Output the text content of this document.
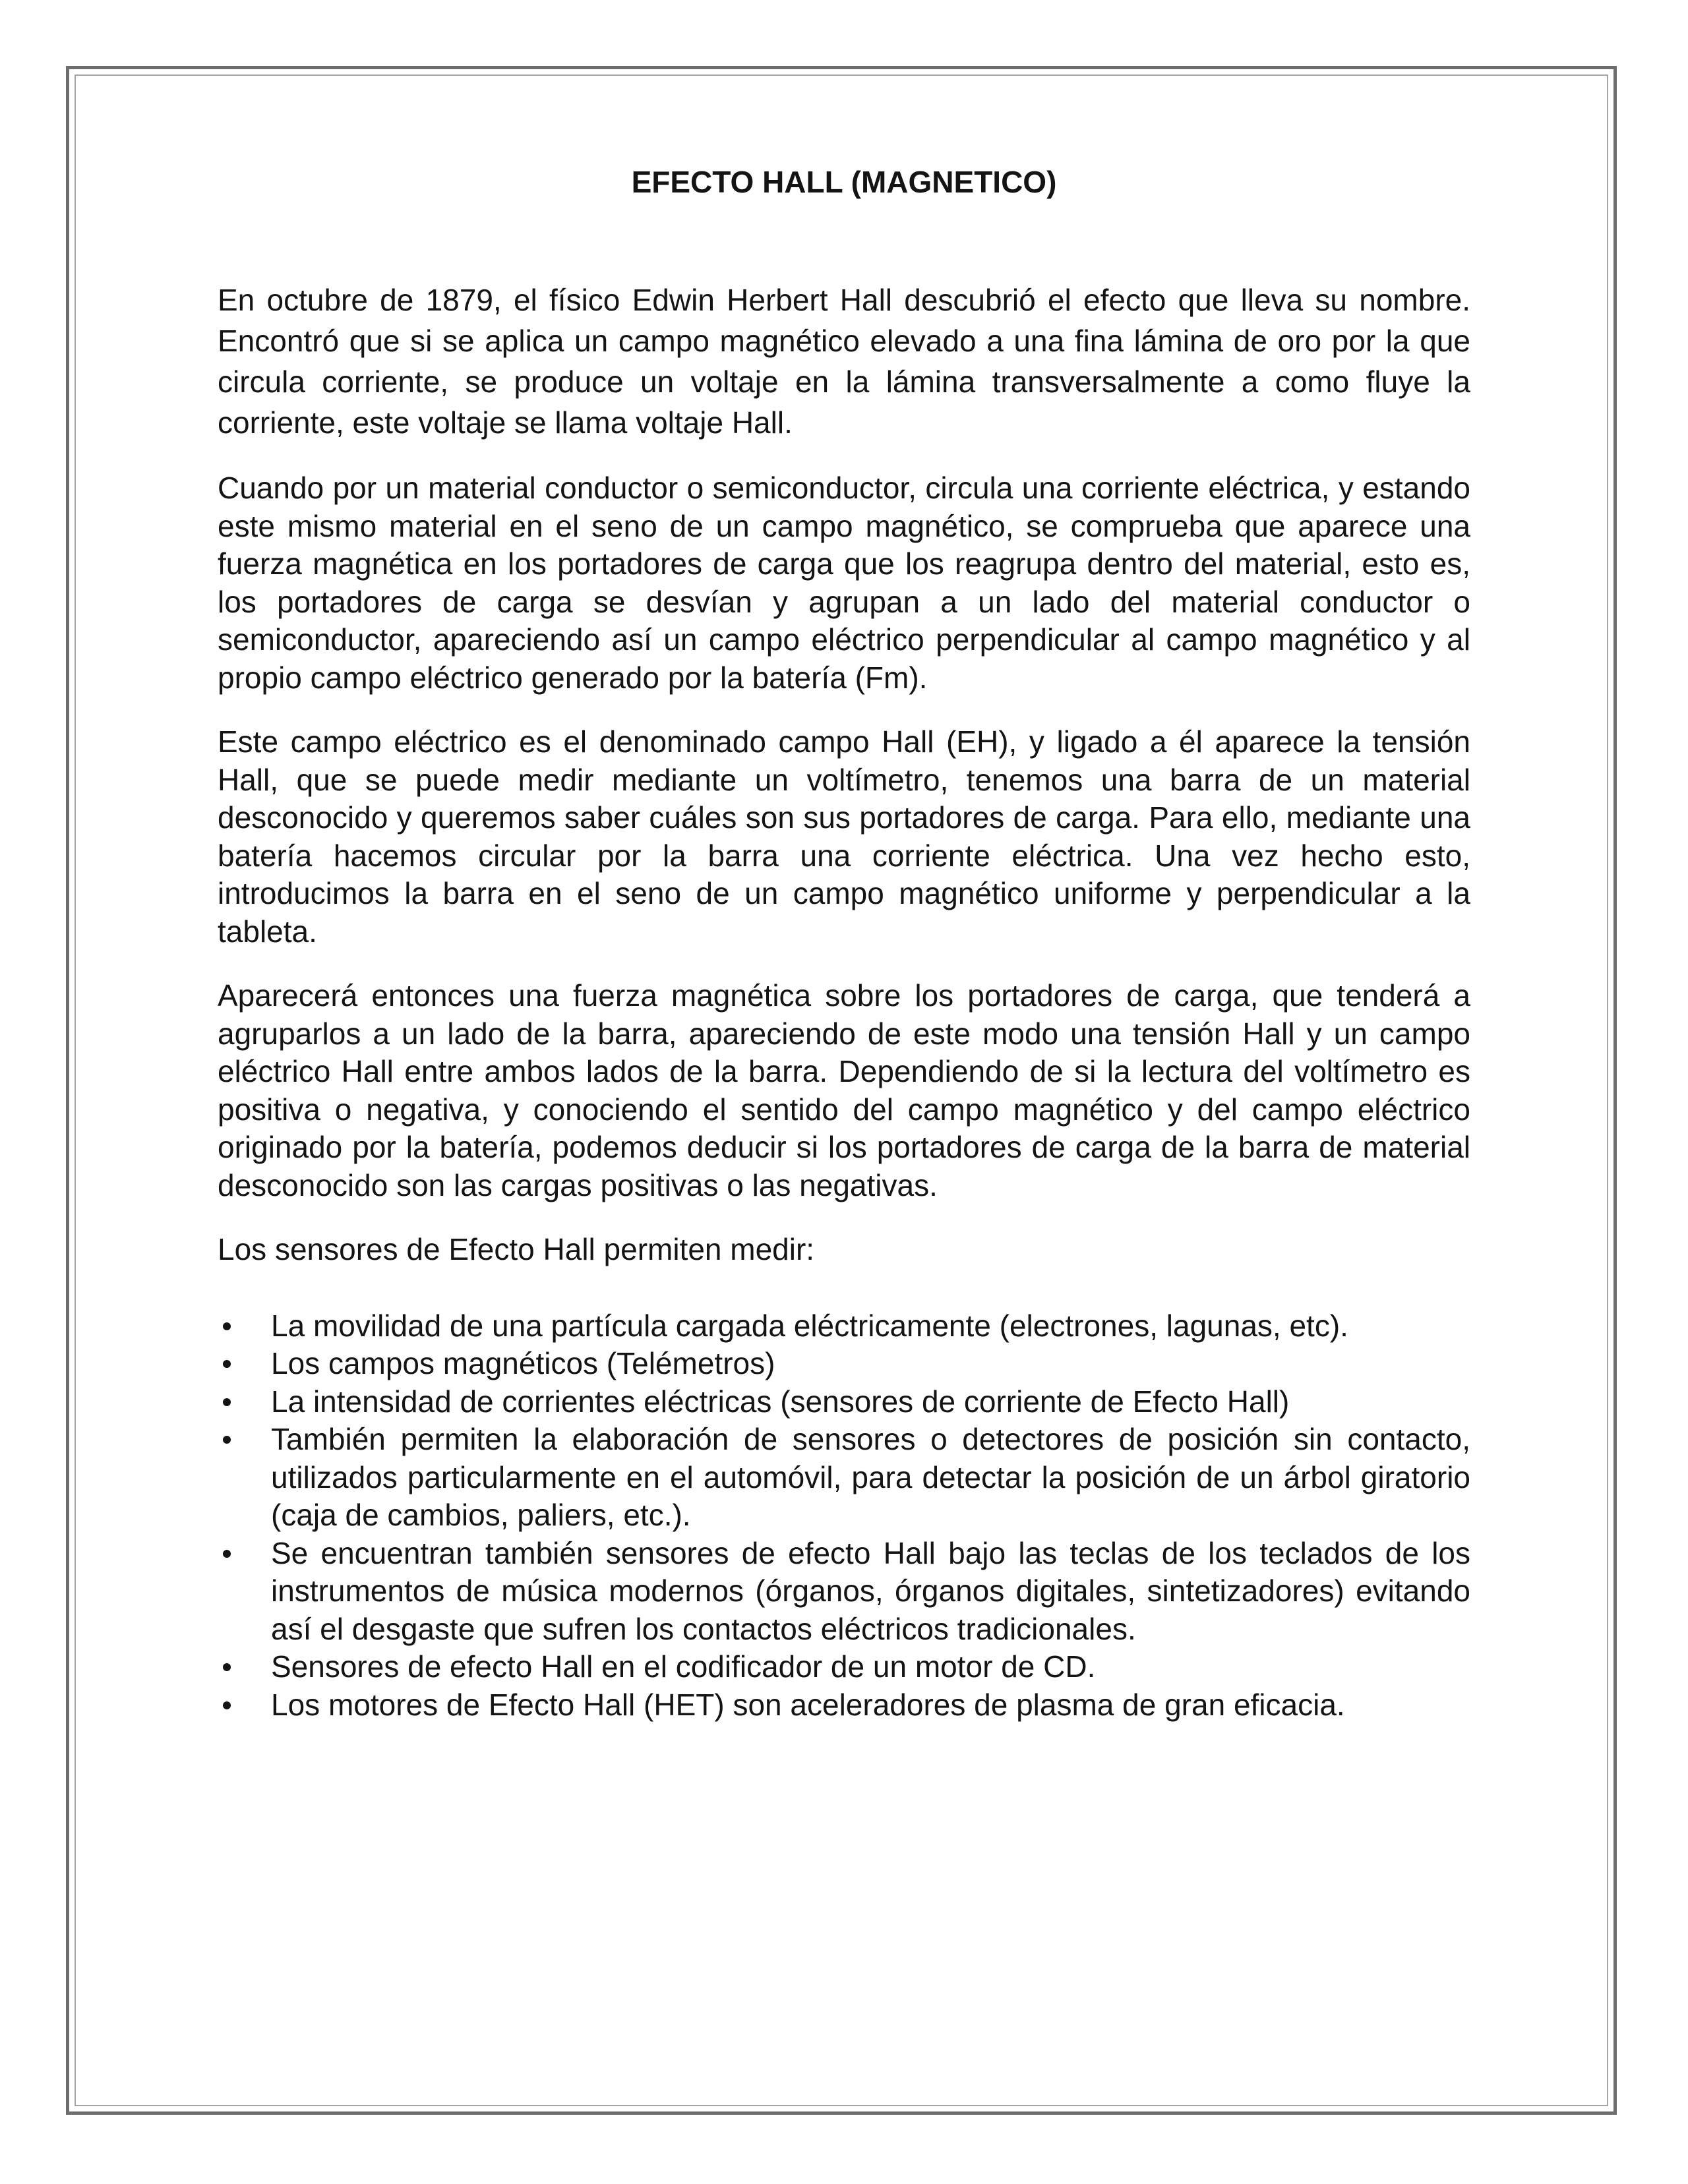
EFECTO HALL (MAGNETICO)

En octubre de 1879, el físico Edwin Herbert Hall descubrió el efecto que lleva su nombre. Encontró que si se aplica un campo magnético elevado a una fina lámina de oro por la que circula corriente, se produce un voltaje en la lámina transversalmente a como fluye la corriente, este voltaje se llama voltaje Hall.

Cuando por un material conductor o semiconductor, circula una corriente eléctrica, y estando este mismo material en el seno de un campo magnético, se comprueba que aparece una fuerza magnética en los portadores de carga que los reagrupa dentro del material, esto es, los portadores de carga se desvían y agrupan a un lado del material conductor o semiconductor, apareciendo así un campo eléctrico perpendicular al campo magnético y al propio campo eléctrico generado por la batería (Fm).

Este campo eléctrico es el denominado campo Hall (EH), y ligado a él aparece la tensión Hall, que se puede medir mediante un voltímetro, tenemos una barra de un material desconocido y queremos saber cuáles son sus portadores de carga. Para ello, mediante una batería hacemos circular por la barra una corriente eléctrica. Una vez hecho esto, introducimos la barra en el seno de un campo magnético uniforme y perpendicular a la tableta.

Aparecerá entonces una fuerza magnética sobre los portadores de carga, que tenderá a agruparlos a un lado de la barra, apareciendo de este modo una tensión Hall y un campo eléctrico Hall entre ambos lados de la barra. Dependiendo de si la lectura del voltímetro es positiva o negativa, y conociendo el sentido del campo magnético y del campo eléctrico originado por la batería, podemos deducir si los portadores de carga de la barra de material desconocido son las cargas positivas o las negativas.

Los sensores de Efecto Hall permiten medir:

La movilidad de una partícula cargada eléctricamente (electrones, lagunas, etc).
Los campos magnéticos (Telémetros)
La intensidad de corrientes eléctricas (sensores de corriente de Efecto Hall)
También permiten la elaboración de sensores o detectores de posición sin contacto, utilizados particularmente en el automóvil, para detectar la posición de un árbol giratorio (caja de cambios, paliers, etc.).
Se encuentran también sensores de efecto Hall bajo las teclas de los teclados de los instrumentos de música modernos (órganos, órganos digitales, sintetizadores) evitando así el desgaste que sufren los contactos eléctricos tradicionales.
Sensores de efecto Hall en el codificador de un motor de CD.
Los motores de Efecto Hall (HET) son aceleradores de plasma de gran eficacia.
